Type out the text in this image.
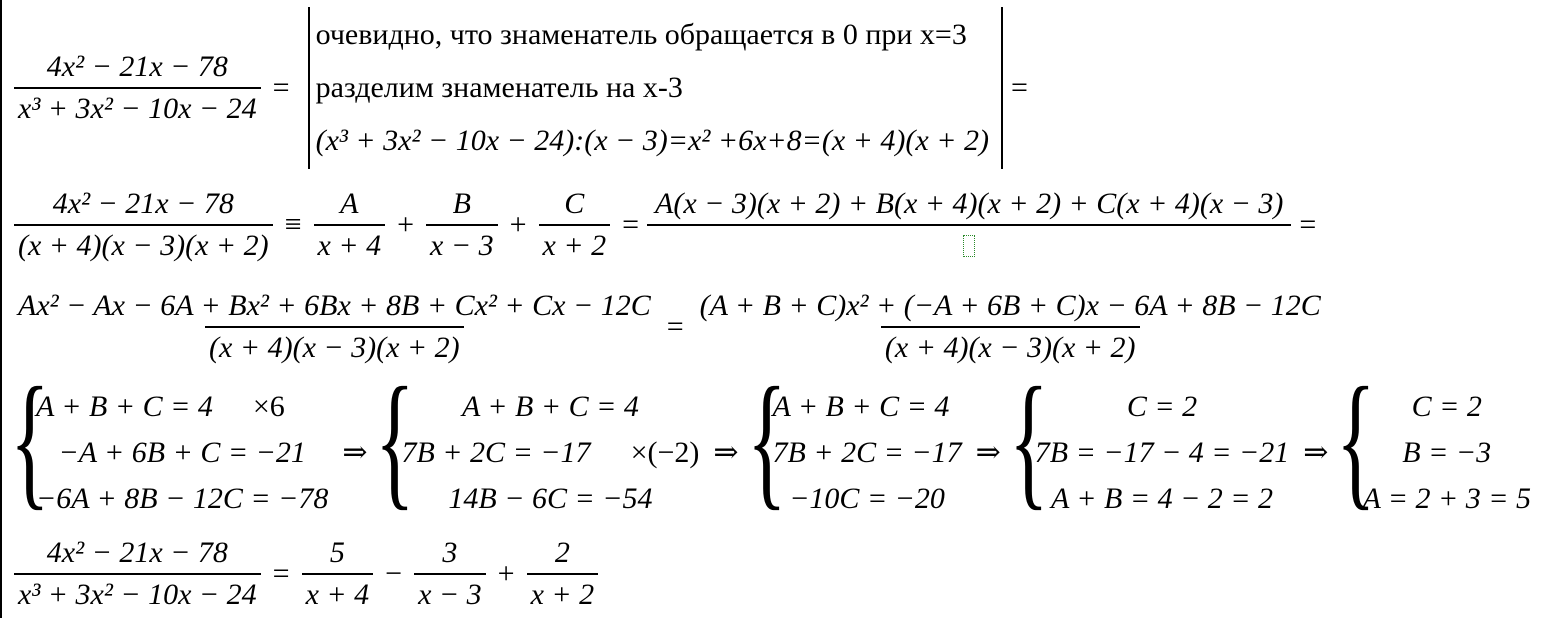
$\frac{\text{4x² − 21x − 78}}{\text{x³ + 3x² − 10x − 24}}$ =
очевидно, что знаменатель обращается в 0 при x=3
разделим знаменатель на x-3
(x³ + 3x² − 10x − 24):(x − 3)=x² +6x+8=(x + 4)(x + 2)
=
$\frac{\text{4x² − 21x − 78}}{(x + 4)(x - 3)(x + 2)} \equiv \frac{A}{x + 4} + \frac{B}{x - 3} + \frac{C}{x + 2}$ =
A(x − 3)(x + 2) + B(x + 4)(x + 2) + C(x + 4)(x − 3)
=
$\frac{\text{Ax² − Ax − 6A + Bx² + 6Bx + 8B + Cx² + Cx − 12C}}{(x + 4)(x - 3)(x + 2)} = \frac{\text{(A + B + C)x² + (−A + 6B + C)x − 6A + 8B − 12C}}{(x + 4)(x - 3)(x + 2)}$
{
A + B + C = 4 ×6
−A + 6B + C = −21
−6A + 8B − 12C = −78
⇒ { A + B + C = 4
7B + 2C = −17 ×(−2)
14B − 6C = −54
⇒ {
A + B + C = 4
7B + 2C = −17
−10C = −20
⇒ {	C = 2
7B = −17 − 4 = −21
A + B = 4 − 2 = 2
⇒ { C = 2
B = −3
A = 2 + 3 = 5
$\frac{\text{4x² − 21x − 78}}{\text{x³ + 3x² − 10x − 24}} = \frac{5}{x + 4} - \frac{3}{x - 3} + \frac{2}{x + 2}$
